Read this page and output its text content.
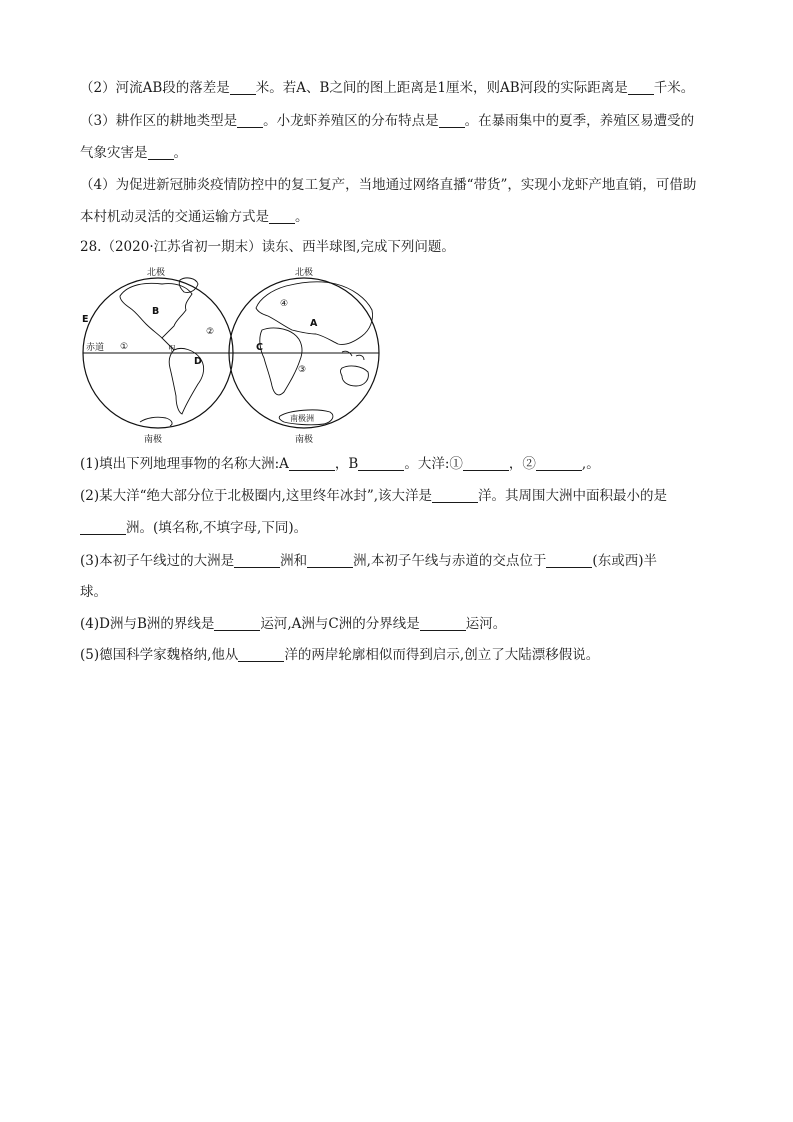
（2）河流AB段的落差是 米。若A、B之间的图上距离是1厘米，则AB河段的实际距离是 千米。
（3）耕作区的耕地类型是 。小龙虾养殖区的分布特点是 。在暴雨集中的夏季，养殖区易遭受的
气象灾害是 。
（4）为促进新冠肺炎疫情防控中的复工复产，当地通过网络直播“带货”，实现小龙虾产地直销，可借助
本村机动灵活的交通运输方式是 。
28.（2020·江苏省初一期末）读东、西半球图,完成下列问题。
北极	北极
南极	南极
赤道
南极洲
E
B
①
②
甲
D
④
A
C
③
(1)填出下列地理事物的名称大洲:A	，B	。大洋:①	，②	,。
(2)某大洋“绝大部分位于北极圈内,这里终年冰封”,该大洋是	洋。其周围大洲中面积最小的是
洲。(填名称,不填字母,下同)。
(3)本初子午线过的大洲是	洲和	洲,本初子午线与赤道的交点位于	(东或西)半
球。
(4)D洲与B洲的界线是	运河,A洲与C洲的分界线是	运河。
(5)德国科学家魏格纳,他从	洋的两岸轮廓相似而得到启示,创立了大陆漂移假说。
